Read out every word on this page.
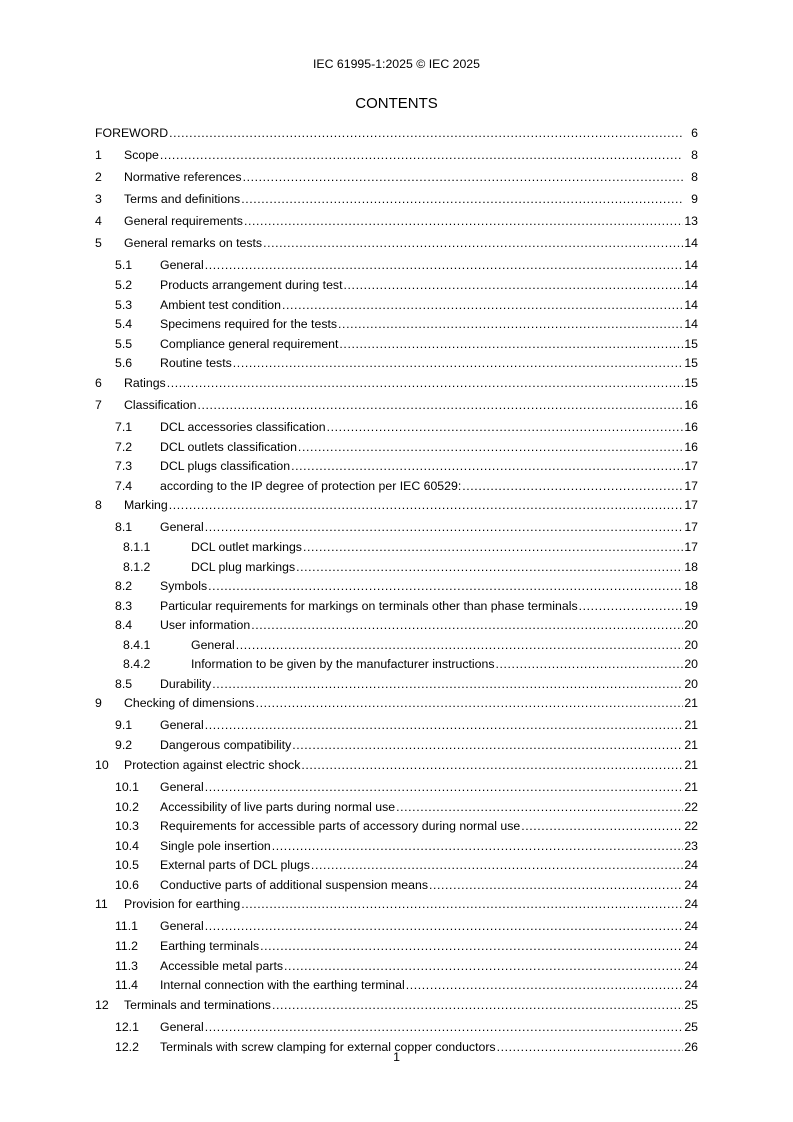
IEC 61995-1:2025 © IEC 2025
CONTENTS
FOREWORD .....	6
1	Scope .....	8
2	Normative references .....	8
3	Terms and definitions .....	9
4	General requirements .....	13
5	General remarks on tests .....	14
5.1	General .....	14
5.2	Products arrangement during test .....	14
5.3	Ambient test condition .....	14
5.4	Specimens required for the tests .....	14
5.5	Compliance general requirement .....	15
5.6	Routine tests .....	15
6	Ratings .....	15
7	Classification .....	16
7.1	DCL accessories classification .....	16
7.2	DCL outlets classification .....	16
7.3	DCL plugs classification .....	17
7.4	according to the IP degree of protection per IEC 60529: .....	17
8	Marking .....	17
8.1	General .....	17
8.1.1	DCL outlet markings .....	17
8.1.2	DCL plug markings .....	18
8.2	Symbols .....	18
8.3	Particular requirements for markings on terminals other than phase terminals .....	19
8.4	User information .....	20
8.4.1	General .....	20
8.4.2	Information to be given by the manufacturer instructions .....	20
8.5	Durability .....	20
9	Checking of dimensions .....	21
9.1	General .....	21
9.2	Dangerous compatibility .....	21
10	Protection against electric shock .....	21
10.1	General .....	21
10.2	Accessibility of live parts during normal use .....	22
10.3	Requirements for accessible parts of accessory during normal use .....	22
10.4	Single pole insertion .....	23
10.5	External parts of DCL plugs .....	24
10.6	Conductive parts of additional suspension means .....	24
11	Provision for earthing .....	24
11.1	General .....	24
11.2	Earthing terminals .....	24
11.3	Accessible metal parts .....	24
11.4	Internal connection with the earthing terminal .....	24
12	Terminals and terminations .....	25
12.1	General .....	25
12.2	Terminals with screw clamping for external copper conductors .....	26
1
